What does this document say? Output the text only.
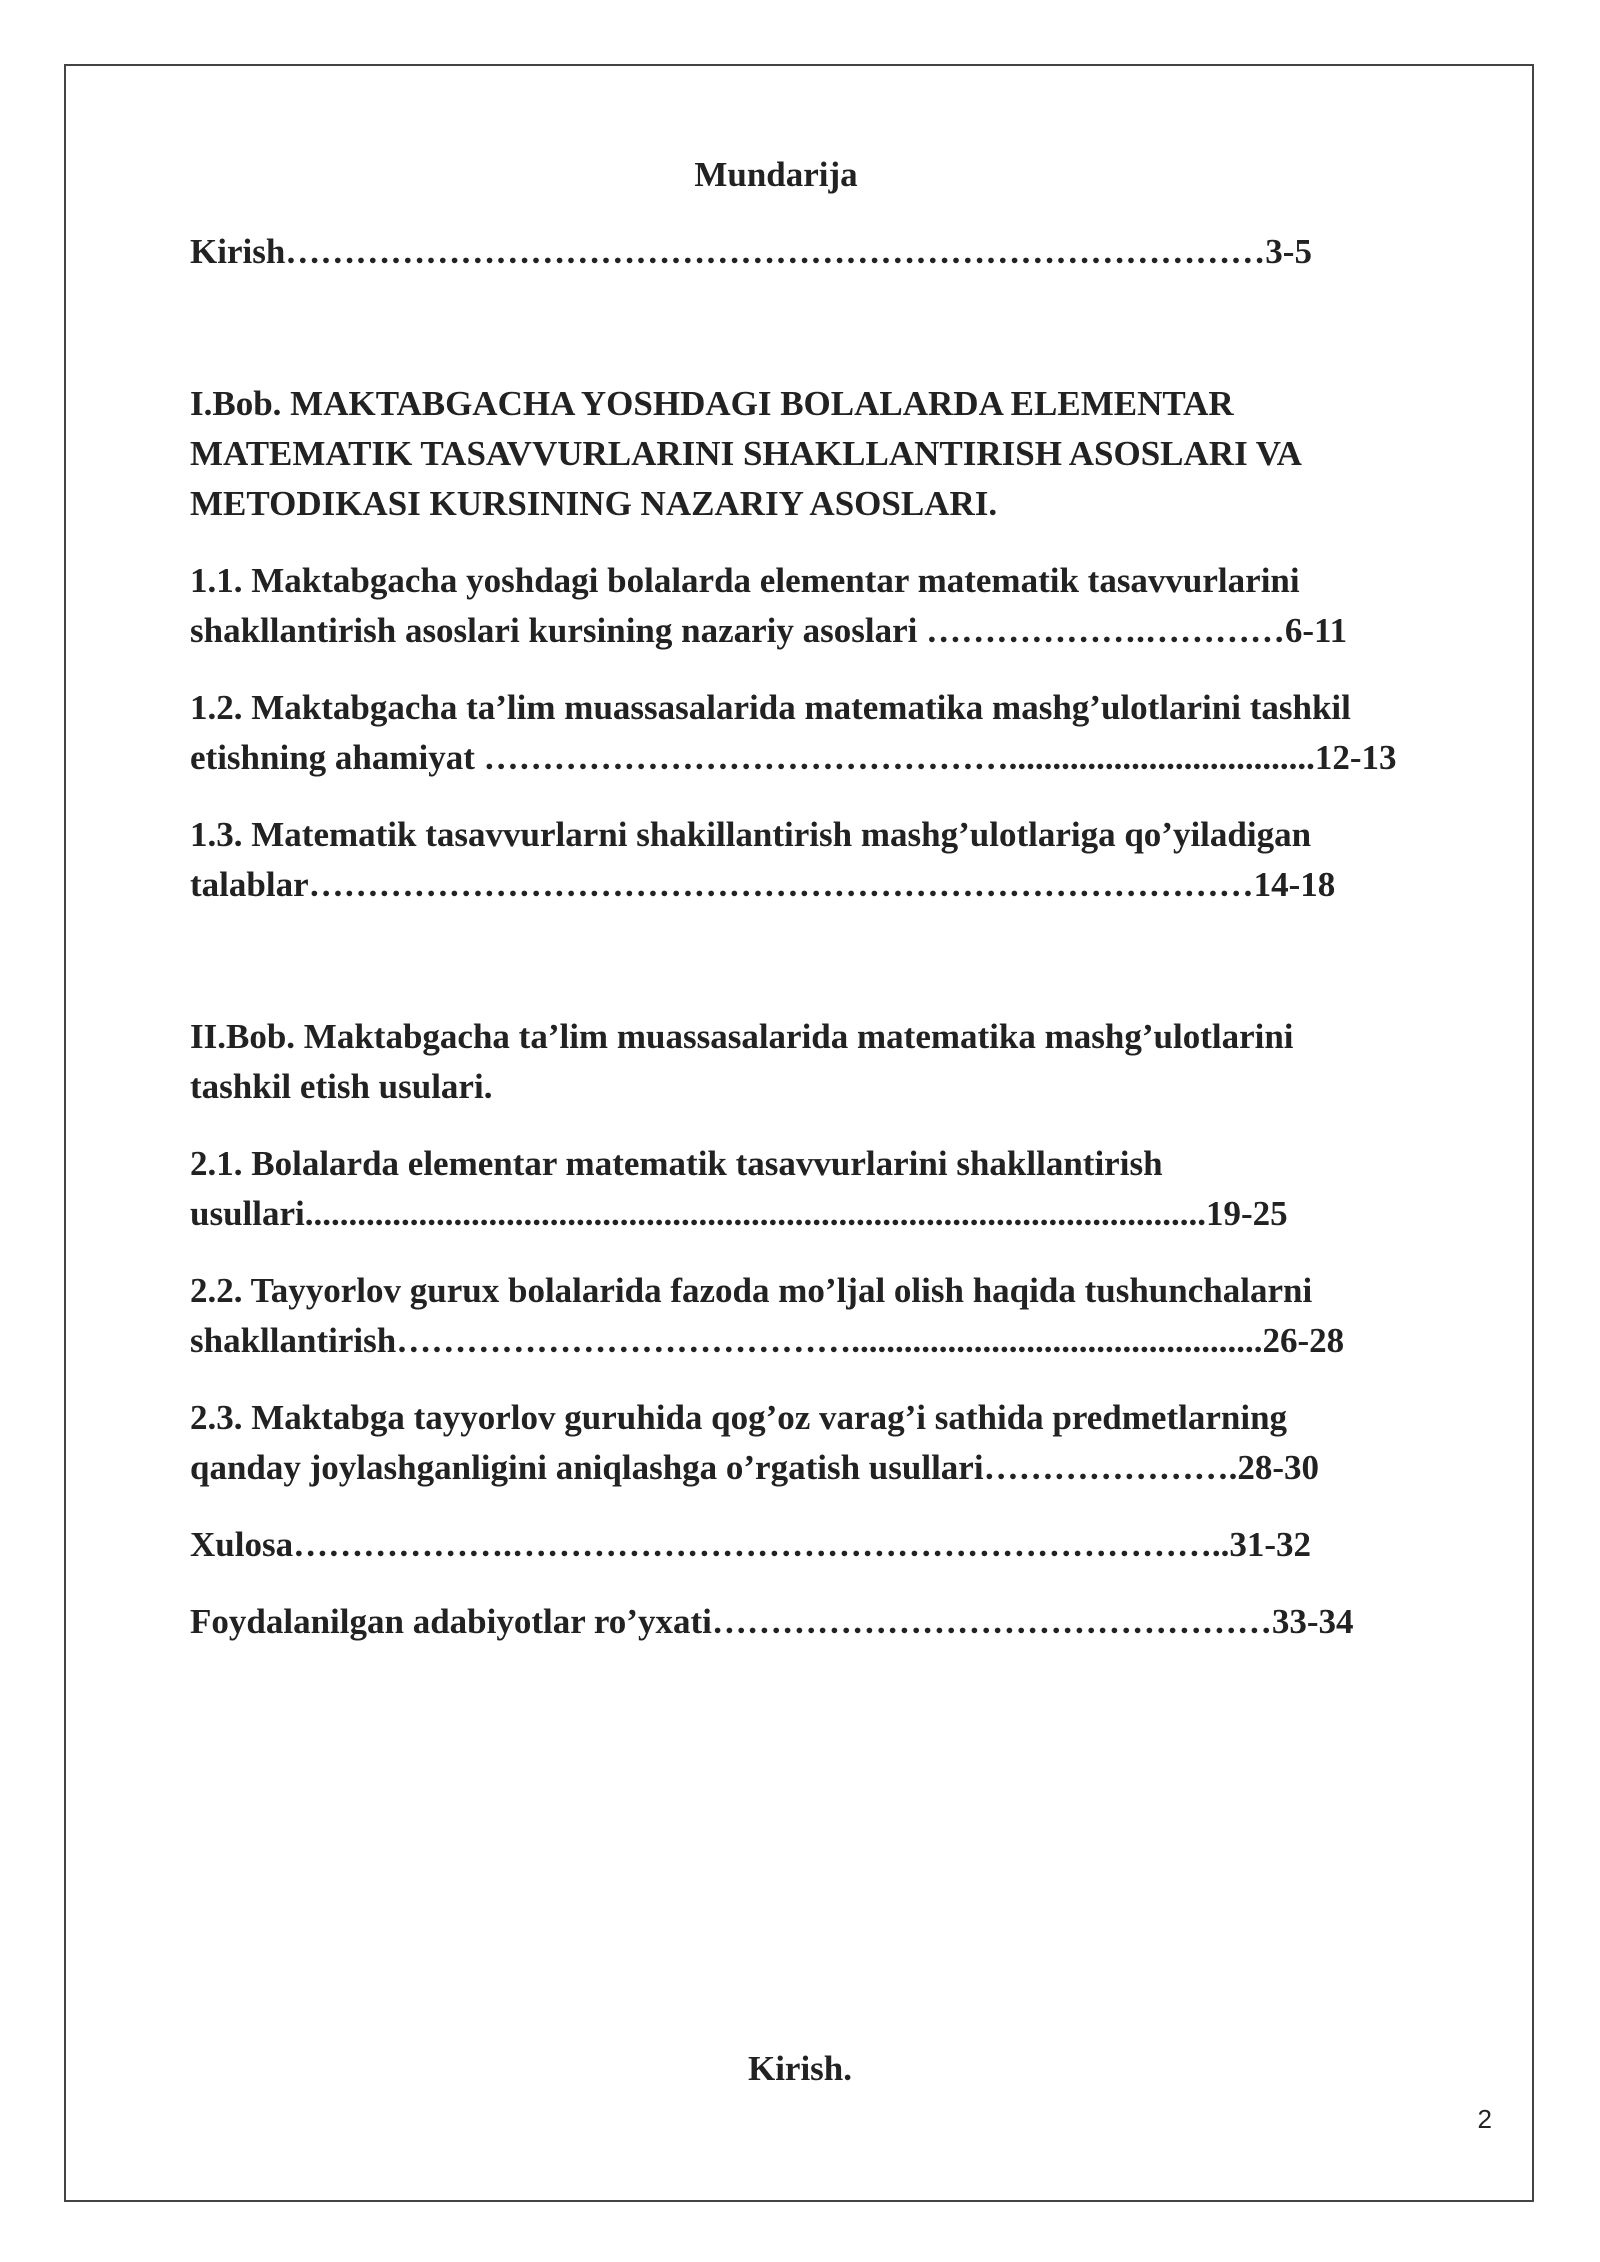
Mundarija
Kirish…………………………………………………………………………3-5
I.Bob. MAKTABGACHA YOSHDAGI BOLALARDA ELEMENTAR
MATEMATIK TASAVVURLARINI SHAKLLANTIRISH ASOSLARI VA
METODIKASI KURSINING NAZARIY ASOSLARI.
1.1. Maktabgacha yoshdagi bolalarda elementar matematik tasavvurlarini
shakllantirish asoslari kursining nazariy asoslari ……………….…………6-11
1.2. Maktabgacha ta’lim muassasalarida matematika mashg’ulotlarini tashkil
etishning ahamiyat ………………………………………...................................12-13
1.3. Matematik tasavvurlarni shakillantirish mashg’ulotlariga qo’yiladigan
talablar………………………………………………………………………14-18
II.Bob. Maktabgacha ta’lim muassasalarida matematika mashg’ulotlarini
tashkil etish usulari.
2.1. Bolalarda elementar matematik tasavvurlarini shakllantirish
usullari.......................................................................................................19-25
2.2. Tayyorlov gurux bolalarida fazoda mo’ljal olish haqida tushunchalarni
shakllantirish…………………………………...............................................26-28
2.3. Maktabga tayyorlov guruhida qog’oz varag’i sathida predmetlarning
qanday joylashganligini aniqlashga o’rgatish usullari………………….28-30
Xulosa……………….……………………………………………………..31-32
Foydalanilgan adabiyotlar ro’yxati…………………………………………33-34
Kirish.
2
